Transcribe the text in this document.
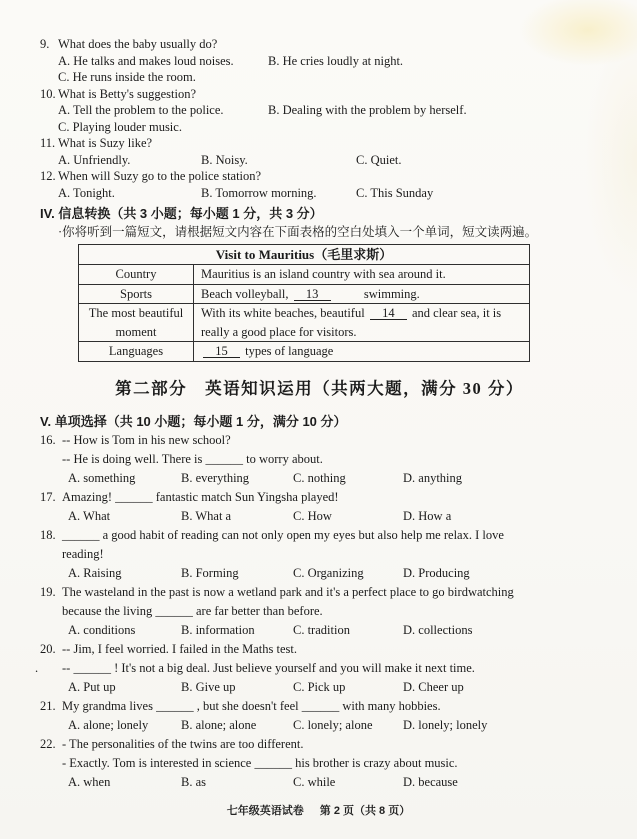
9. What does the baby usually do?
A. He talks and makes loud noises.	B. He cries loudly at night.
C. He runs inside the room.
10. What is Betty's suggestion?
A. Tell the problem to the police.	B. Dealing with the problem by herself.
C. Playing louder music.
11. What is Suzy like?
A. Unfriendly.	B. Noisy.	C. Quiet.
12. When will Suzy go to the police station?
A. Tonight.	B. Tomorrow morning.	C. This Sunday
IV. 信息转换（共 3 小题；每小题 1 分，共 3 分）
·你将听到一篇短文，请根据短文内容在下面表格的空白处填入一个单词，短文读两遍。
Visit to Mauritius（毛里求斯）	
Country	Mauritius is an island country with sea around it.
Sports	Beach volleyball, 13   swimming.
The most beautiful moment	With its white beaches, beautiful 14 and clear sea, it is really a good place for visitors.
Languages	15 types of language
第二部分　英语知识运用（共两大题，满分 30 分）
V. 单项选择（共 10 小题；每小题 1 分，满分 10 分）
16. -- How is Tom in his new school?
-- He is doing well. There is ______ to worry about.
A. something	B. everything	C. nothing	D. anything
17. Amazing! ______ fantastic match Sun Yingsha played!
A. What	B. What a	C. How	D. How a
18. ______ a good habit of reading can not only open my eyes but also help me relax. I love
reading!
A. Raising	B. Forming	C. Organizing	D. Producing
19. The wasteland in the past is now a wetland park and it's a perfect place to go birdwatching
because the living ______ are far better than before.
A. conditions	B. information	C. tradition	D. collections
20. -- Jim, I feel worried. I failed in the Maths test.
. -- ______ ! It's not a big deal. Just believe yourself and you will make it next time.
A. Put up	B. Give up	C. Pick up	D. Cheer up
21. My grandma lives ______ , but she doesn't feel ______ with many hobbies.
A. alone; lonely	B. alone; alone	C. lonely; alone	D. lonely; lonely
22. - The personalities of the twins are too different.
- Exactly. Tom is interested in science ______ his brother is crazy about music.
A. when	B. as	C. while	D. because
七年级英语试卷 第 2 页（共 8 页）
